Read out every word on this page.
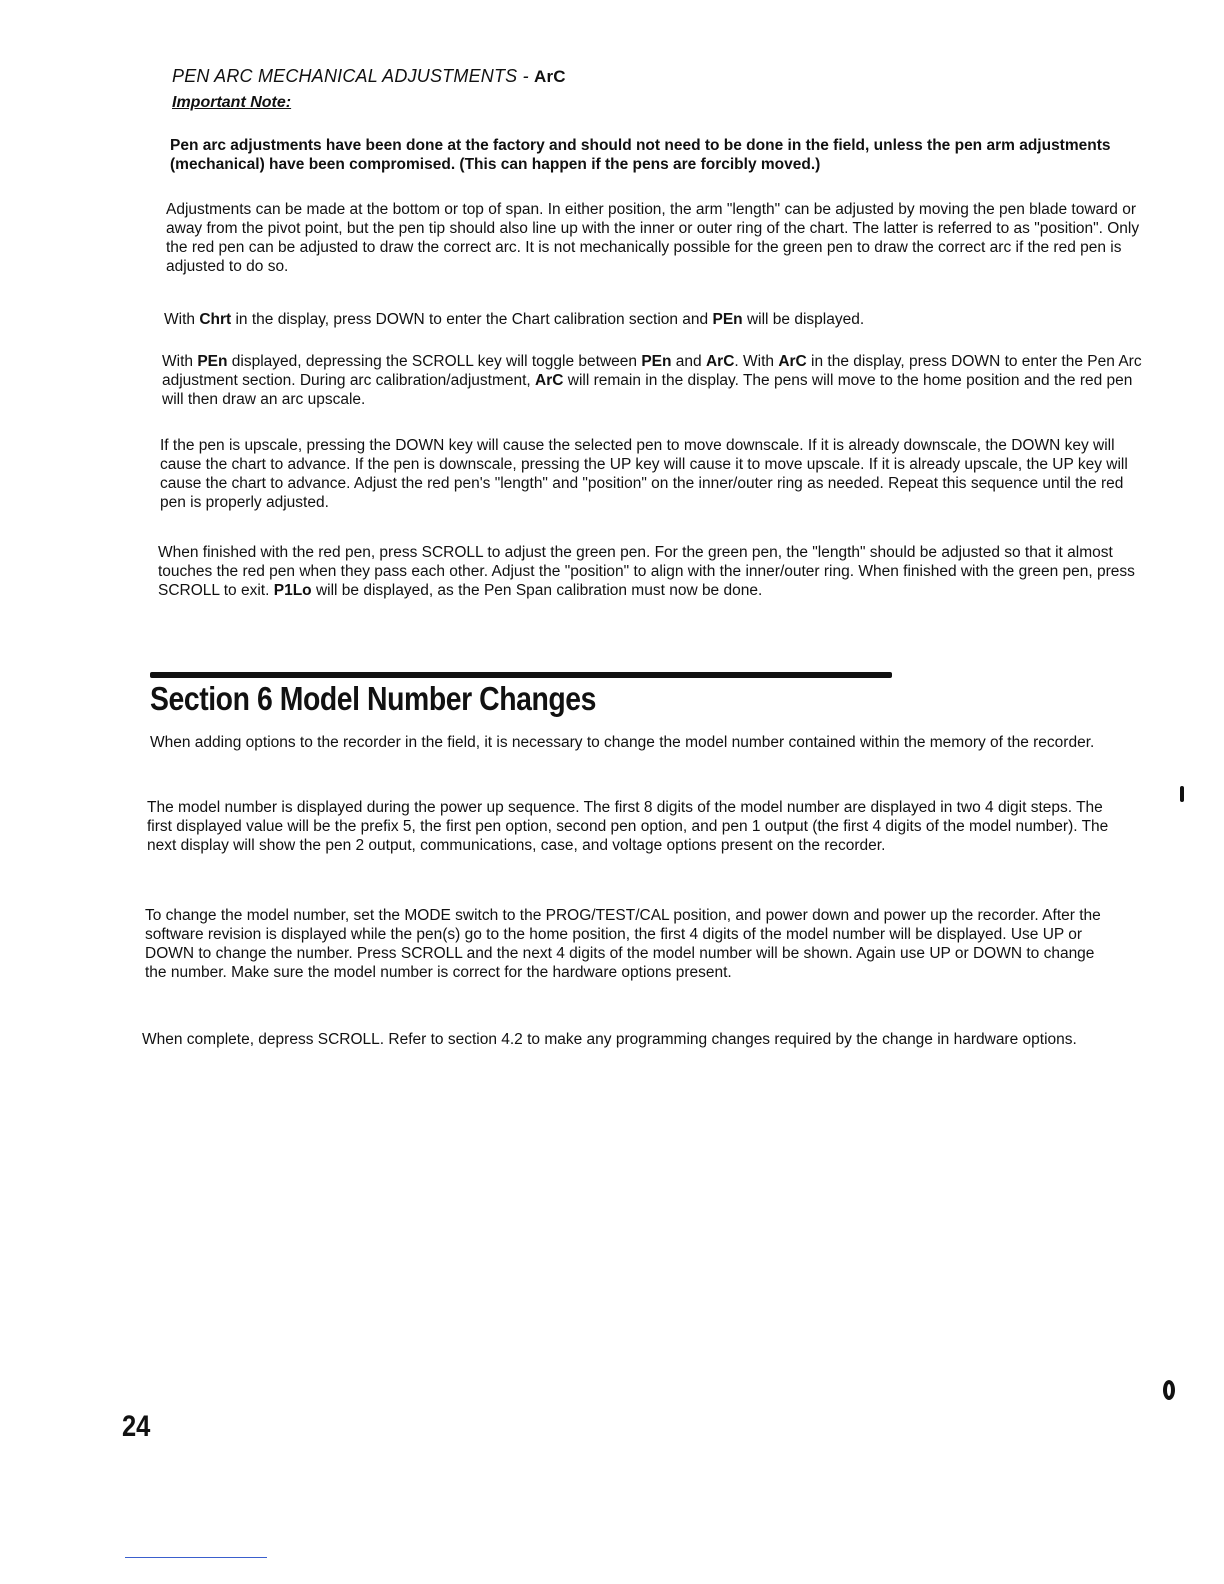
PEN ARC MECHANICAL ADJUSTMENTS - ArC
Important Note:

Pen arc adjustments have been done at the factory and should not need to be done in the field, unless the pen arm adjustments (mechanical) have been compromised. (This can happen if the pens are forcibly moved.)

Adjustments can be made at the bottom or top of span. In either position, the arm "length" can be adjusted by moving the pen blade toward or away from the pivot point, but the pen tip should also line up with the inner or outer ring of the chart. The latter is referred to as "position". Only the red pen can be adjusted to draw the correct arc. It is not mechanically possible for the green pen to draw the correct arc if the red pen is adjusted to do so.

With Chrt in the display, press DOWN to enter the Chart calibration section and PEn will be displayed.

With PEn displayed, depressing the SCROLL key will toggle between PEn and ArC. With ArC in the display, press DOWN to enter the Pen Arc adjustment section. During arc calibration/adjustment, ArC will remain in the display. The pens will move to the home position and the red pen will then draw an arc upscale.

If the pen is upscale, pressing the DOWN key will cause the selected pen to move downscale. If it is already downscale, the DOWN key will cause the chart to advance. If the pen is downscale, pressing the UP key will cause it to move upscale. If it is already upscale, the UP key will cause the chart to advance. Adjust the red pen's "length" and "position" on the inner/outer ring as needed. Repeat this sequence until the red pen is properly adjusted.

When finished with the red pen, press SCROLL to adjust the green pen. For the green pen, the "length" should be adjusted so that it almost touches the red pen when they pass each other. Adjust the "position" to align with the inner/outer ring. When finished with the green pen, press SCROLL to exit. P1Lo will be displayed, as the Pen Span calibration must now be done.

Section 6 Model Number Changes

When adding options to the recorder in the field, it is necessary to change the model number contained within the memory of the recorder.

The model number is displayed during the power up sequence. The first 8 digits of the model number are displayed in two 4 digit steps. The first displayed value will be the prefix 5, the first pen option, second pen option, and pen 1 output (the first 4 digits of the model number). The next display will show the pen 2 output, communications, case, and voltage options present on the recorder.

To change the model number, set the MODE switch to the PROG/TEST/CAL position, and power down and power up the recorder. After the software revision is displayed while the pen(s) go to the home position, the first 4 digits of the model number will be displayed. Use UP or DOWN to change the number. Press SCROLL and the next 4 digits of the model number will be shown. Again use UP or DOWN to change the number. Make sure the model number is correct for the hardware options present.

When complete, depress SCROLL. Refer to section 4.2 to make any programming changes required by the change in hardware options.

24
